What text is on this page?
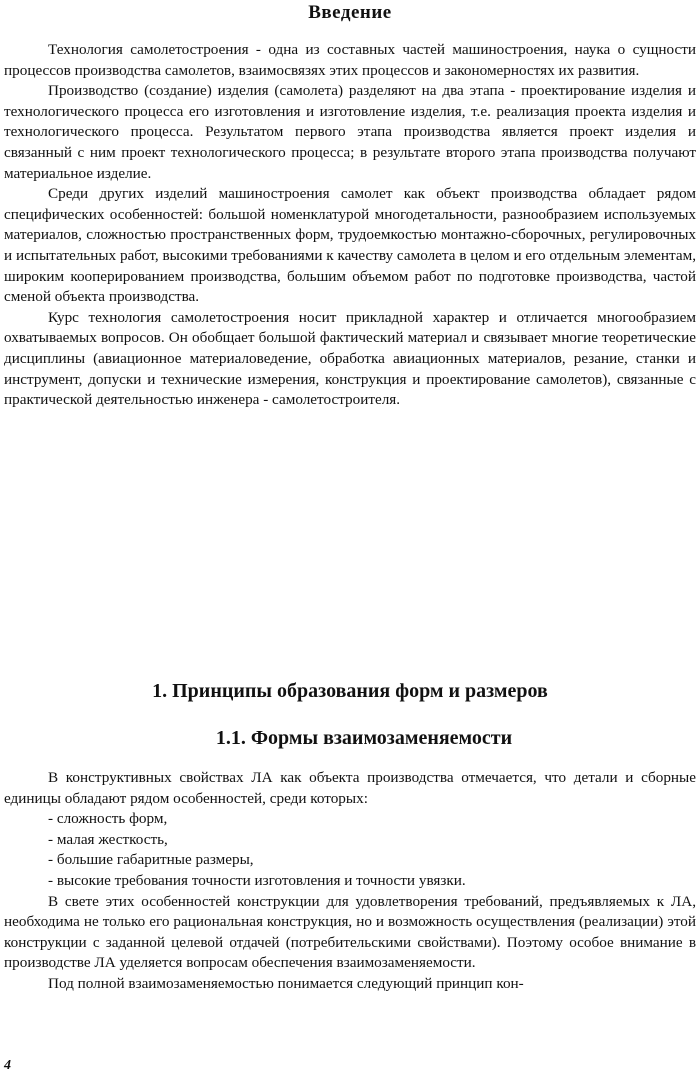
Введение

Технология самолетостроения - одна из составных частей машиностроения, наука о сущности процессов производства самолетов, взаимосвязях этих процессов и закономерностях их развития.

Производство (создание) изделия (самолета) разделяют на два этапа - проектирование изделия и технологического процесса его изготовления и изготовление изделия, т.е. реализация проекта изделия и технологического процесса. Результатом первого этапа производства является проект изделия и связанный с ним проект технологического процесса; в результате второго этапа производства получают материальное изделие.

Среди других изделий машиностроения самолет как объект производства обладает рядом специфических особенностей: большой номенклатурой многодетальности, разнообразием используемых материалов, сложностью пространственных форм, трудоемкостью монтажно-сборочных, регулировочных и испытательных работ, высокими требованиями к качеству самолета в целом и его отдельным элементам, широким кооперированием производства, большим объемом работ по подготовке производства, частой сменой объекта производства.

Курс технология самолетостроения носит прикладной характер и отличается многообразием охватываемых вопросов. Он обобщает большой фактический материал и связывает многие теоретические дисциплины (авиационное материаловедение, обработка авиационных материалов, резание, станки и инструмент, допуски и технические измерения, конструкция и проектирование самолетов), связанные с практической деятельностью инженера - самолетостроителя.

1. Принципы образования форм и размеров
1.1. Формы взаимозаменяемости

В конструктивных свойствах ЛА как объекта производства отмечается, что детали и сборные единицы обладают рядом особенностей, среди которых:

- сложность форм,

- малая жесткость,

- большие габаритные размеры,

- высокие требования точности изготовления и точности увязки.

В свете этих особенностей конструкции для удовлетворения требований, предъявляемых к ЛА, необходима не только его рациональная конструкция, но и возможность осуществления (реализации) этой конструкции с заданной целевой отдачей (потребительскими свойствами). Поэтому особое внимание в производстве ЛА уделяется вопросам обеспечения взаимозаменяемости.

Под полной взаимозаменяемостью понимается следующий принцип кон-

4
